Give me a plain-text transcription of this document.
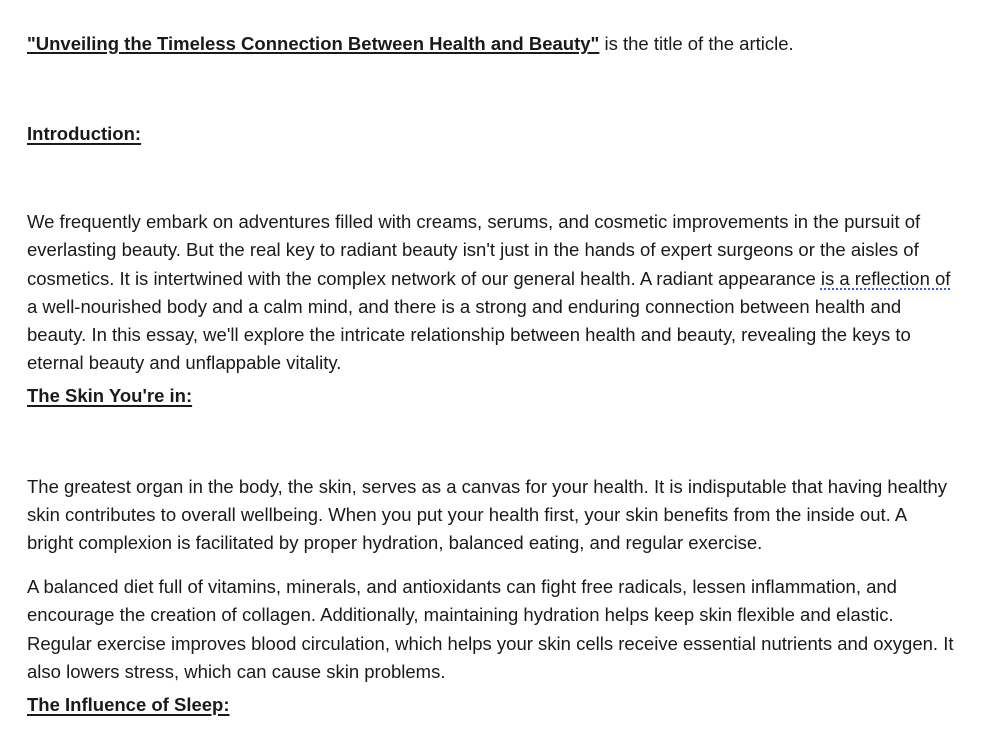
"Unveiling the Timeless Connection Between Health and Beauty" is the title of the article.

Introduction:

We frequently embark on adventures filled with creams, serums, and cosmetic improvements in the pursuit of everlasting beauty. But the real key to radiant beauty isn't just in the hands of expert surgeons or the aisles of cosmetics. It is intertwined with the complex network of our general health. A radiant appearance is a reflection of a well-nourished body and a calm mind, and there is a strong and enduring connection between health and beauty. In this essay, we'll explore the intricate relationship between health and beauty, revealing the keys to eternal beauty and unflappable vitality.

The Skin You're in:

The greatest organ in the body, the skin, serves as a canvas for your health. It is indisputable that having healthy skin contributes to overall wellbeing. When you put your health first, your skin benefits from the inside out. A bright complexion is facilitated by proper hydration, balanced eating, and regular exercise.

A balanced diet full of vitamins, minerals, and antioxidants can fight free radicals, lessen inflammation, and encourage the creation of collagen. Additionally, maintaining hydration helps keep skin flexible and elastic. Regular exercise improves blood circulation, which helps your skin cells receive essential nutrients and oxygen. It also lowers stress, which can cause skin problems.

The Influence of Sleep:
